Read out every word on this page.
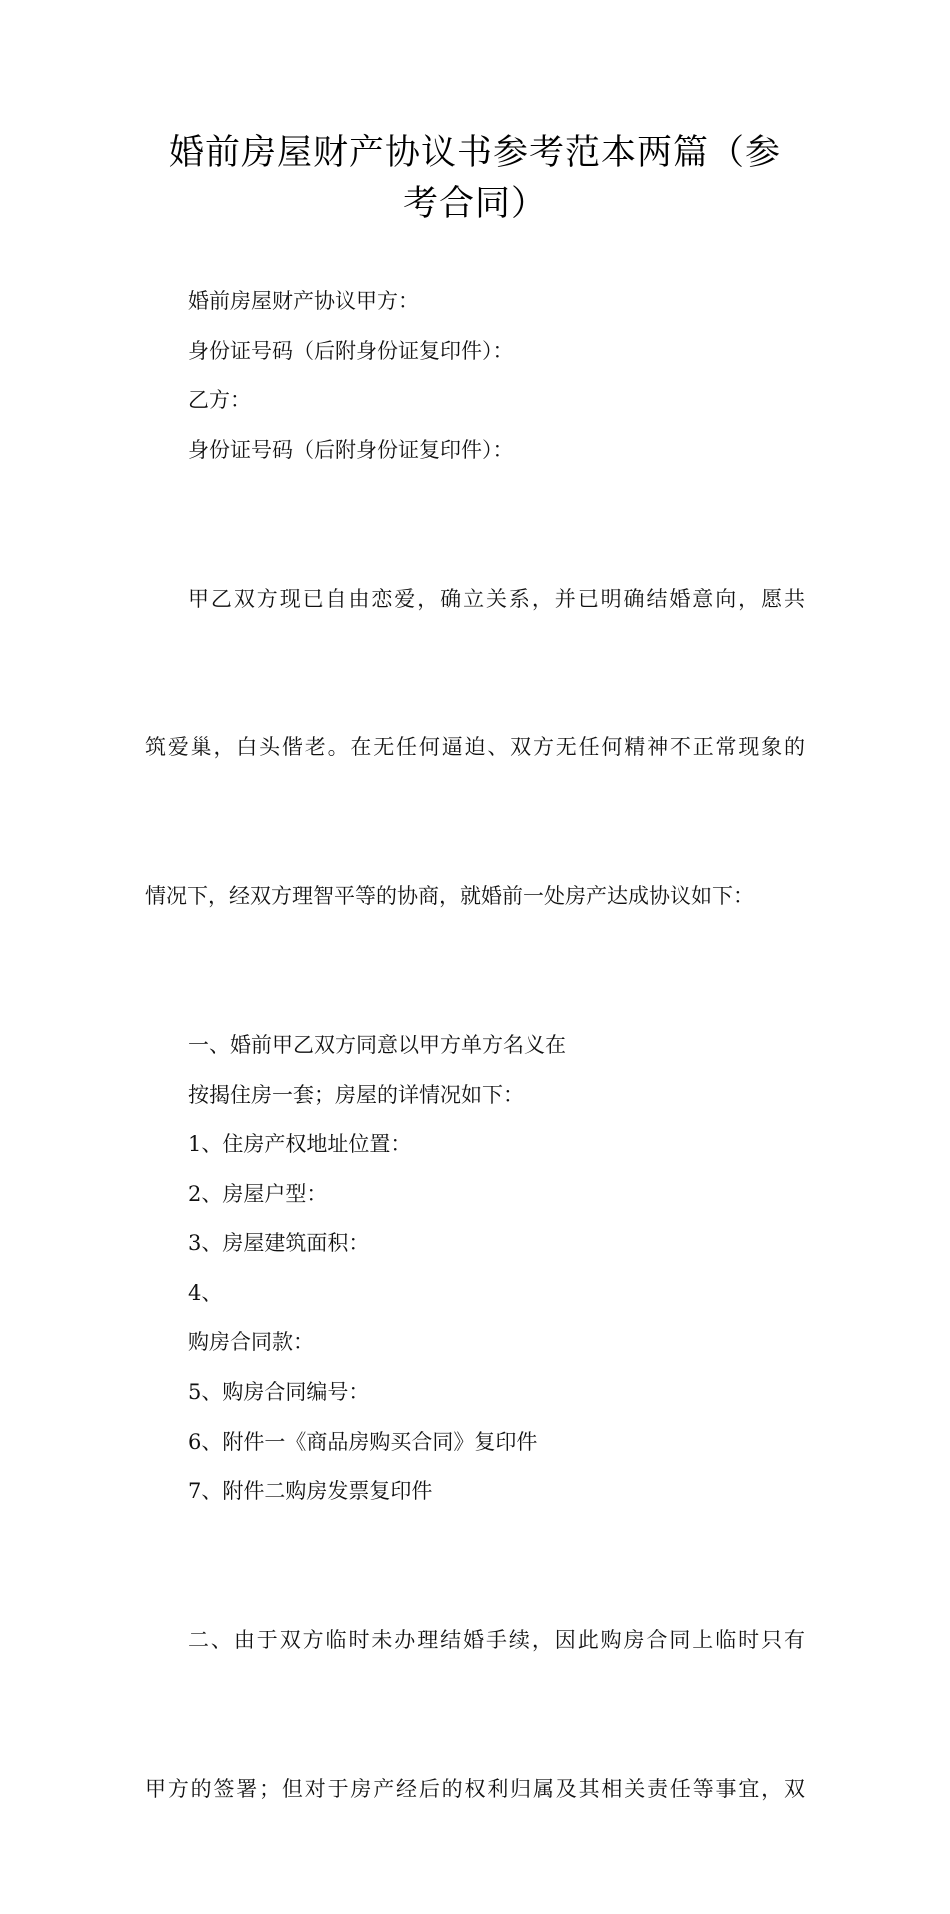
婚前房屋财产协议书参考范本两篇（参
考合同）

婚前房屋财产协议甲方：

身份证号码（后附身份证复印件）：

乙方：

身份证号码（后附身份证复印件）：

甲乙双方现已自由恋爱，确立关系，并已明确结婚意向，愿共

筑爱巢，白头偕老。在无任何逼迫、双方无任何精神不正常现象的

情况下，经双方理智平等的协商，就婚前一处房产达成协议如下：

一、婚前甲乙双方同意以甲方单方名义在

按揭住房一套；房屋的详情况如下：

1、住房产权地址位置：

2、房屋户型：

3、房屋建筑面积：

4、

购房合同款：

5、购房合同编号：

6、附件一《商品房购买合同》复印件

7、附件二购房发票复印件

二、由于双方临时未办理结婚手续，因此购房合同上临时只有

甲方的签署；但对于房产经后的权利归属及其相关责任等事宜，双
